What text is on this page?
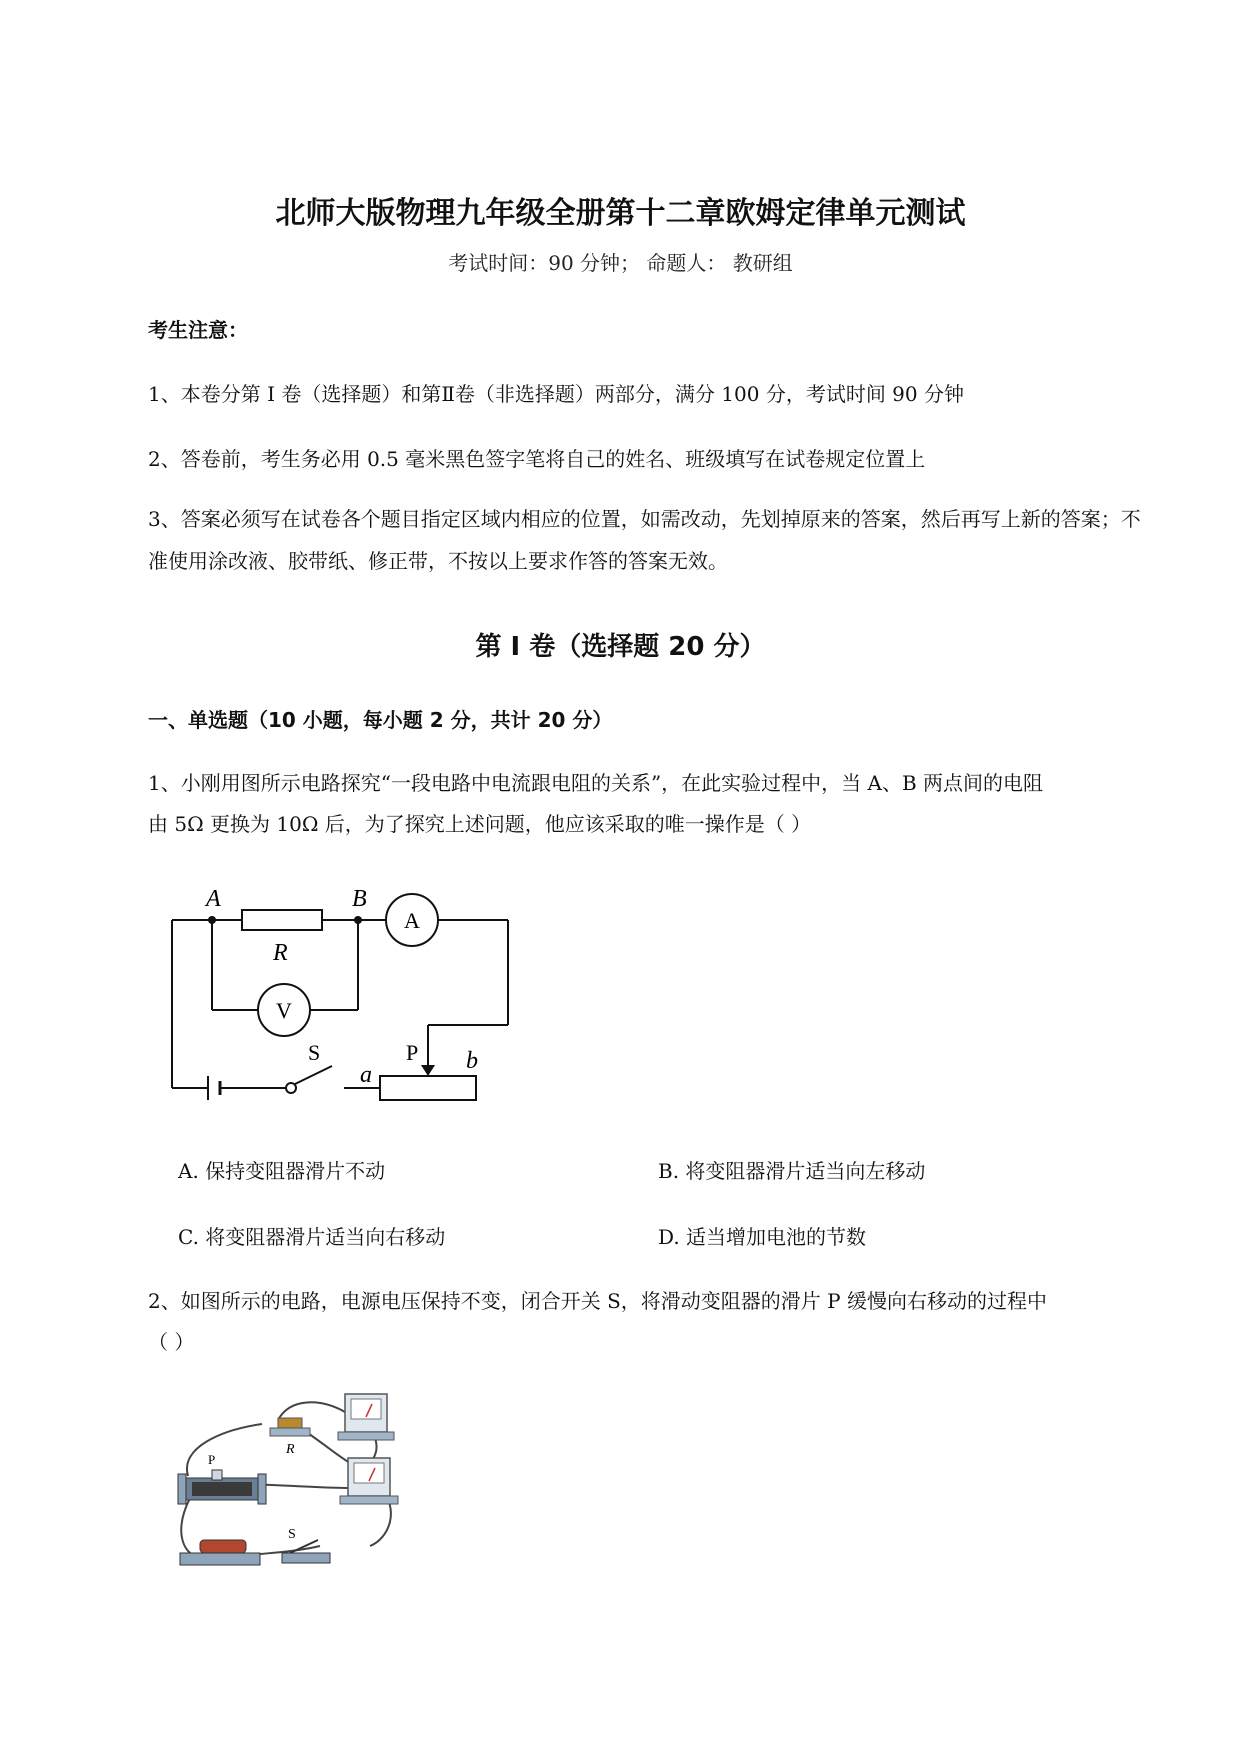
北师大版物理九年级全册第十二章欧姆定律单元测试
考试时间：90 分钟； 命题人： 教研组
考生注意：
1、本卷分第 I 卷（选择题）和第Ⅱ卷（非选择题）两部分，满分 100 分，考试时间 90 分钟
2、答卷前，考生务必用 0.5 毫米黑色签字笔将自己的姓名、班级填写在试卷规定位置上
3、答案必须写在试卷各个题目指定区域内相应的位置，如需改动，先划掉原来的答案，然后再写上新的答案；不准使用涂改液、胶带纸、修正带，不按以上要求作答的答案无效。
第 I 卷（选择题 20 分）
一、单选题（10 小题，每小题 2 分，共计 20 分）
1、小刚用图所示电路探究“一段电路中电流跟电阻的关系”，在此实验过程中，当 A、B 两点间的电阻
由 5Ω 更换为 10Ω 后，为了探究上述问题，他应该采取的唯一操作是（ ）
A	B
R
A
V
S	P
a
b
A. 保持变阻器滑片不动	B. 将变阻器滑片适当向左移动
C. 将变阻器滑片适当向右移动	D. 适当增加电池的节数
2、如图所示的电路，电源电压保持不变，闭合开关 S，将滑动变阻器的滑片 P 缓慢向右移动的过程中
（ ）
R
P
S
